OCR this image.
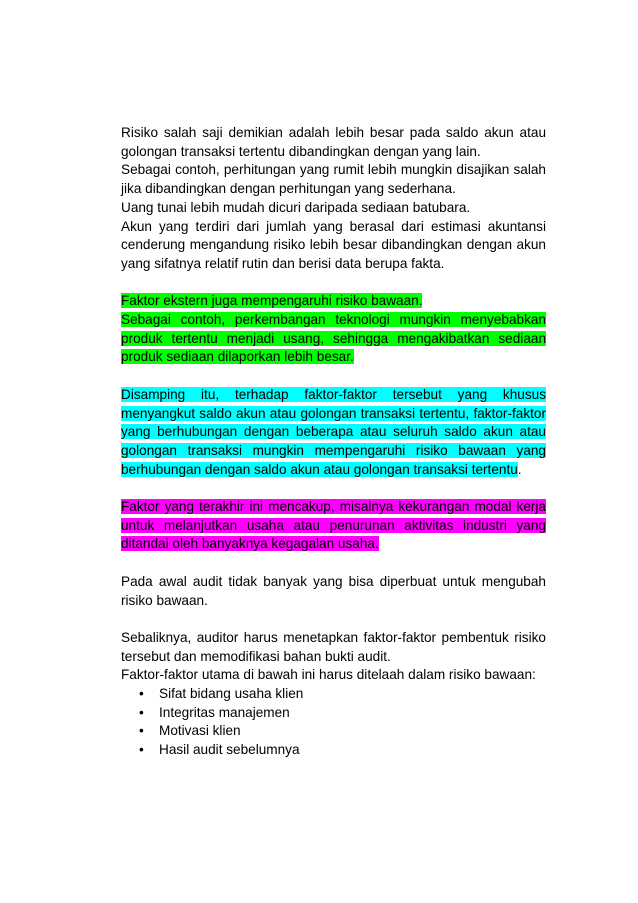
Risiko salah saji demikian adalah lebih besar pada saldo akun atau golongan transaksi tertentu dibandingkan dengan yang lain.

Sebagai contoh, perhitungan yang rumit lebih mungkin disajikan salah jika dibandingkan dengan perhitungan yang sederhana.

Uang tunai lebih mudah dicuri daripada sediaan batubara.

Akun yang terdiri dari jumlah yang berasal dari estimasi akuntansi cenderung mengandung risiko lebih besar dibandingkan dengan akun yang sifatnya relatif rutin dan berisi data berupa fakta.

Faktor ekstern juga mempengaruhi risiko bawaan.

Sebagai contoh, perkembangan teknologi mungkin menyebabkan produk tertentu menjadi usang, sehingga mengakibatkan sediaan produk sediaan dilaporkan lebih besar.

Disamping itu, terhadap faktor-faktor tersebut yang khusus menyangkut saldo akun atau golongan transaksi tertentu, faktor-faktor yang berhubungan dengan beberapa atau seluruh saldo akun atau golongan transaksi mungkin mempengaruhi risiko bawaan yang berhubungan dengan saldo akun atau golongan transaksi tertentu.

Faktor yang terakhir ini mencakup, misalnya kekurangan modal kerja untuk melanjutkan usaha atau penurunan aktivitas industri yang ditandai oleh banyaknya kegagalan usaha.

Pada awal audit tidak banyak yang bisa diperbuat untuk mengubah risiko bawaan.

Sebaliknya, auditor harus menetapkan faktor-faktor pembentuk risiko tersebut dan memodifikasi bahan bukti audit.

Faktor-faktor utama di bawah ini harus ditelaah dalam risiko bawaan:

• Sifat bidang usaha klien
• Integritas manajemen
• Motivasi klien
• Hasil audit sebelumnya
